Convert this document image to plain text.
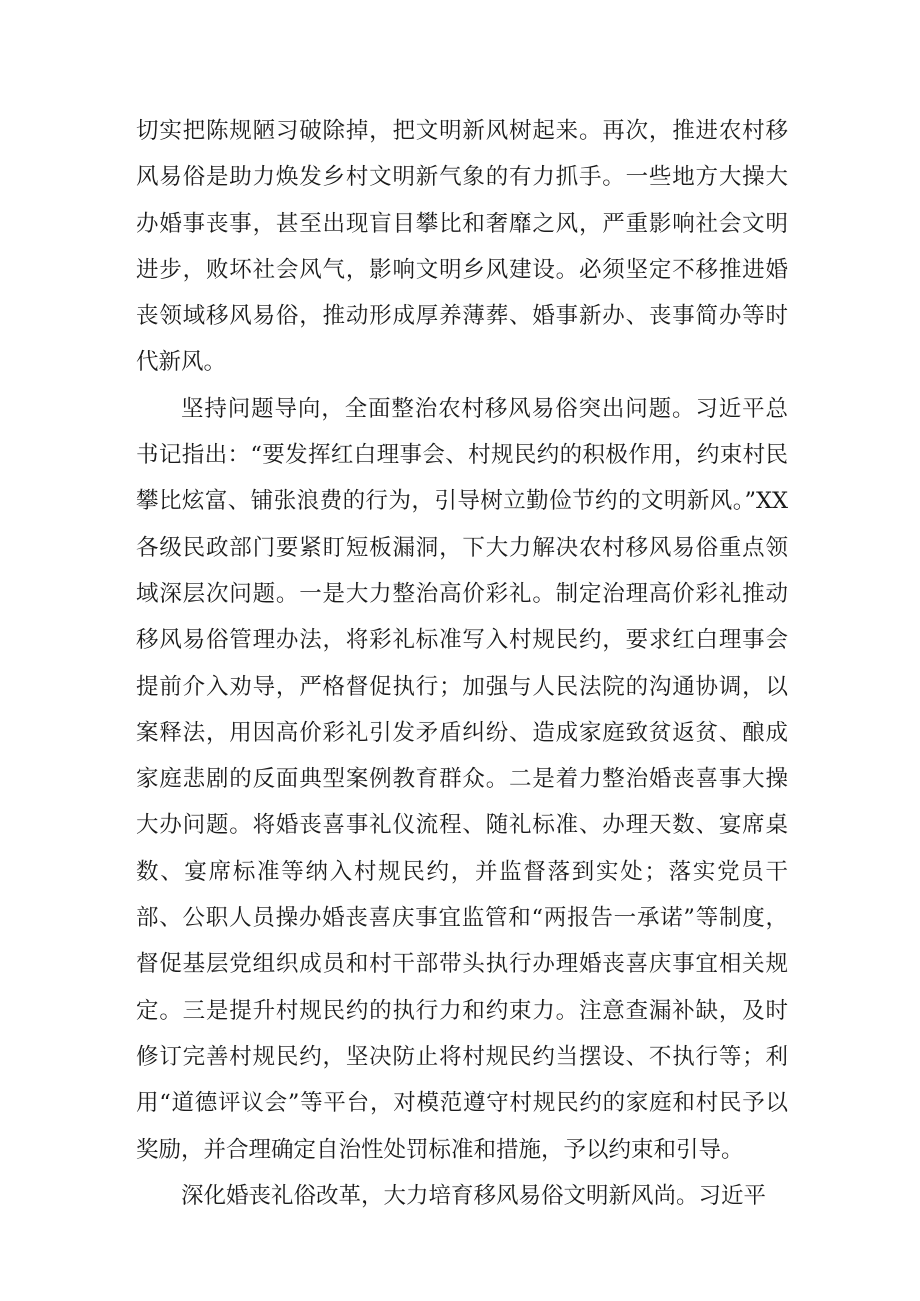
切实把陈规陋习破除掉，把文明新风树起来。再次，推进农村移风易俗是助力焕发乡村文明新气象的有力抓手。一些地方大操大办婚事丧事，甚至出现盲目攀比和奢靡之风，严重影响社会文明进步，败坏社会风气，影响文明乡风建设。必须坚定不移推进婚丧领域移风易俗，推动形成厚养薄葬、婚事新办、丧事简办等时代新风。

坚持问题导向，全面整治农村移风易俗突出问题。习近平总书记指出：“要发挥红白理事会、村规民约的积极作用，约束村民攀比炫富、铺张浪费的行为，引导树立勤俭节约的文明新风。”XX各级民政部门要紧盯短板漏洞，下大力解决农村移风易俗重点领域深层次问题。一是大力整治高价彩礼。制定治理高价彩礼推动移风易俗管理办法，将彩礼标准写入村规民约，要求红白理事会提前介入劝导，严格督促执行；加强与人民法院的沟通协调，以案释法，用因高价彩礼引发矛盾纠纷、造成家庭致贫返贫、酿成家庭悲剧的反面典型案例教育群众。二是着力整治婚丧喜事大操大办问题。将婚丧喜事礼仪流程、随礼标准、办理天数、宴席桌数、宴席标准等纳入村规民约，并监督落到实处；落实党员干部、公职人员操办婚丧喜庆事宜监管和“两报告一承诺”等制度，督促基层党组织成员和村干部带头执行办理婚丧喜庆事宜相关规定。三是提升村规民约的执行力和约束力。注意查漏补缺，及时修订完善村规民约，坚决防止将村规民约当摆设、不执行等；利用“道德评议会”等平台，对模范遵守村规民约的家庭和村民予以奖励，并合理确定自治性处罚标准和措施，予以约束和引导。

深化婚丧礼俗改革，大力培育移风易俗文明新风尚。习近平
